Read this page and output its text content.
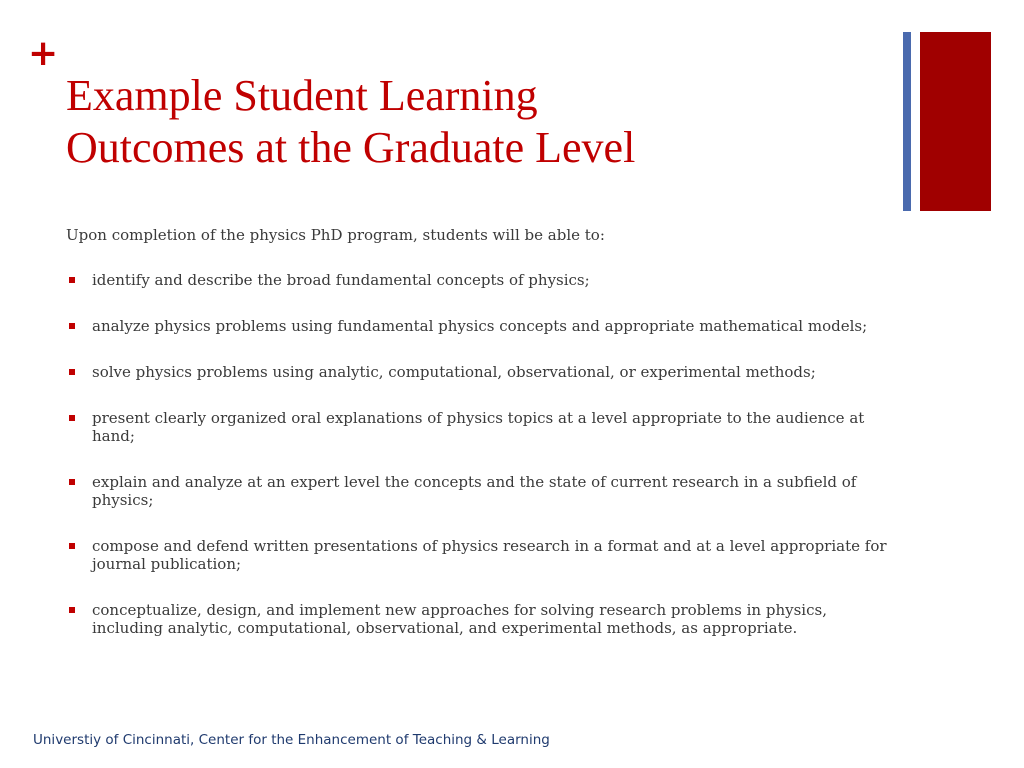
+
Example Student Learning
Outcomes at the Graduate Level

Upon completion of the physics PhD program, students will be able to:

identify and describe the broad fundamental concepts of physics;
analyze physics problems using fundamental physics concepts and appropriate mathematical models;
solve physics problems using analytic, computational, observational, or experimental methods;
present clearly organized oral explanations of physics topics at a level appropriate to the audience at hand;
explain and analyze at an expert level the concepts and the state of current research in a subfield of physics;
compose and defend written presentations of physics research in a format and at a level appropriate for journal publication;
conceptualize, design, and implement new approaches for solving research problems in physics, including analytic, computational, observational, and experimental methods, as appropriate.

Universtiy of Cincinnati, Center for the Enhancement of Teaching & Learning
